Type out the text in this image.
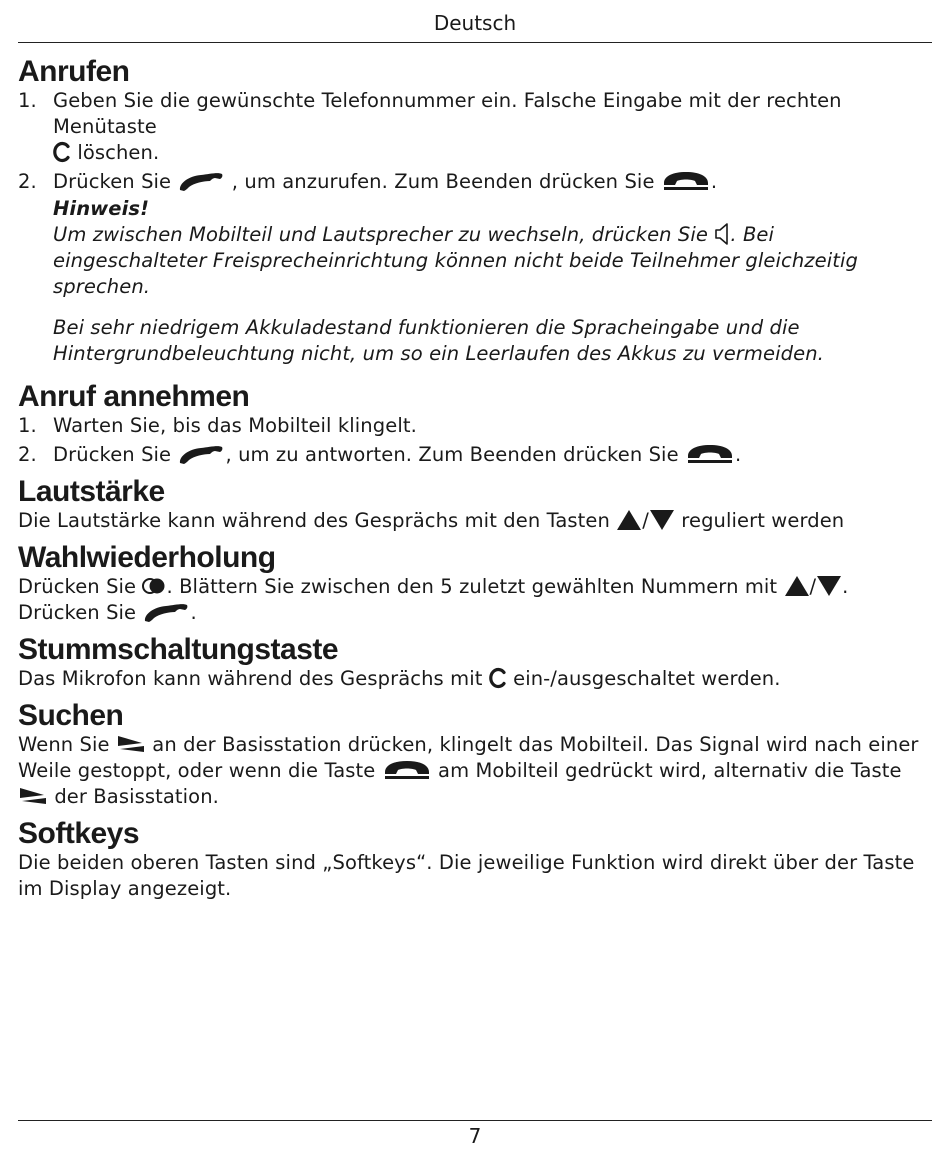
Deutsch
Anrufen
1. Geben Sie die gewünschte Telefonnummer ein. Falsche Eingabe mit der rechten Menütaste

löschen.
2. Drücken Sie	, um anzurufen. Zum Beenden drücken Sie	.
Hinweis!

Um zwischen Mobilteil und Lautsprecher zu wechseln, drücken Sie . Bei eingeschalteter Freisprecheinrichtung können nicht beide Teilnehmer gleichzeitig sprechen.

Bei sehr niedrigem Akkuladestand funktionieren die Spracheingabe und die Hintergrundbeleuchtung nicht, um so ein Leerlaufen des Akkus zu vermeiden.

Anruf annehmen
1. Warten Sie, bis das Mobilteil klingelt.
2. Drücken Sie	, um zu antworten. Zum Beenden drücken Sie	.
Lautstärke

Die Lautstärke kann während des Gesprächs mit den Tasten / reguliert werden

Wahlwiederholung

Drücken Sie . Blättern Sie zwischen den 5 zuletzt gewählten Nummern mit / . Drücken Sie	.

Stummschaltungstaste

Das Mikrofon kann während des Gesprächs mit ein-/ausgeschaltet werden.

Suchen

Wenn Sie an der Basisstation drücken, klingelt das Mobilteil. Das Signal wird nach einer Weile gestoppt, oder wenn die Taste	am Mobilteil gedrückt wird, alternativ die Taste
der Basisstation.

Softkeys

Die beiden oberen Tasten sind „Softkeys“. Die jeweilige Funktion wird direkt über der Taste im Display angezeigt.

7
